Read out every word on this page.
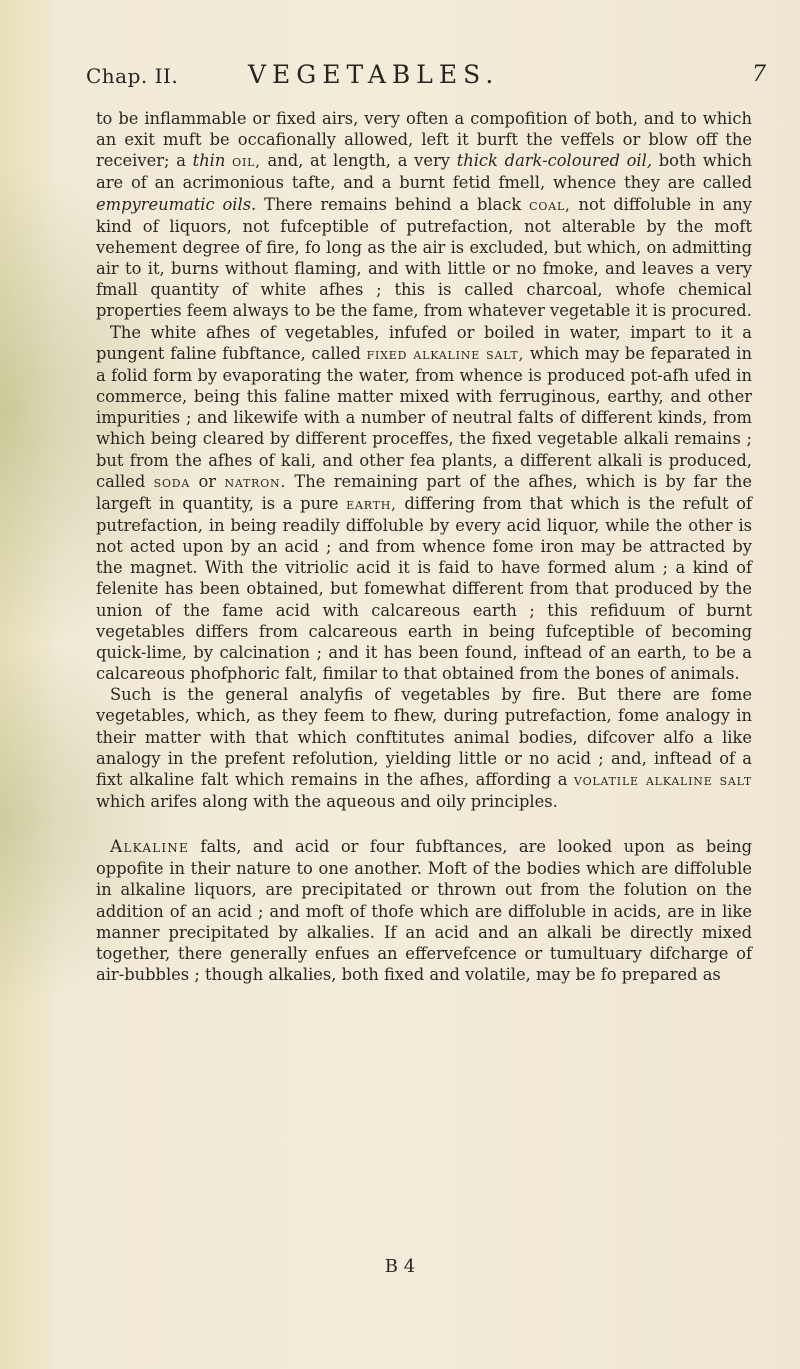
Chap. II.	VEGETABLES.	7

to be inflammable or fixed airs, very often a compofition of both, and to which an exit muft be occafionally allowed, left it burft the veffels or blow off the receiver; a thin oil, and, at length, a very thick dark-coloured oil, both which are of an acrimonious tafte, and a burnt fetid fmell, whence they are called empyreumatic oils. There remains behind a black coal, not diffoluble in any kind of liquors, not fufceptible of putrefaction, not alterable by the moft vehement degree of fire, fo long as the air is excluded, but which, on admitting air to it, burns without flaming, and with little or no fmoke, and leaves a very fmall quantity of white afhes ; this is called charcoal, whofe chemical properties feem always to be the fame, from whatever vegetable it is procured.

The white afhes of vegetables, infufed or boiled in water, impart to it a pungent faline fubftance, called fixed alkaline salt, which may be feparated in a folid form by evaporating the water, from whence is produced pot-afh ufed in commerce, being this faline matter mixed with ferruginous, earthy, and other impurities ; and likewife with a number of neutral falts of different kinds, from which being cleared by different proceffes, the fixed vegetable alkali remains ; but from the afhes of kali, and other fea plants, a different alkali is produced, called soda or natron. The remaining part of the afhes, which is by far the largeft in quantity, is a pure earth, differing from that which is the refult of putrefaction, in being readily diffoluble by every acid liquor, while the other is not acted upon by an acid ; and from whence fome iron may be attracted by the magnet. With the vitriolic acid it is faid to have formed alum ; a kind of felenite has been obtained, but fomewhat different from that produced by the union of the fame acid with calcareous earth ; this refiduum of burnt vegetables differs from calcareous earth in being fufceptible of becoming quick-lime, by calcination ; and it has been found, inftead of an earth, to be a calcareous phofphoric falt, fimilar to that obtained from the bones of animals.

Such is the general analyfis of vegetables by fire. But there are fome vegetables, which, as they feem to fhew, during putrefaction, fome analogy in their matter with that which conftitutes animal bodies, difcover alfo a like analogy in the prefent refolution, yielding little or no acid ; and, inftead of a fixt alkaline falt which remains in the afhes, affording a volatile alkaline salt which arifes along with the aqueous and oily principles.

Alkaline falts, and acid or four fubftances, are looked upon as being oppofite in their nature to one another. Moft of the bodies which are diffoluble in alkaline liquors, are precipitated or thrown out from the folution on the addition of an acid ; and moft of thofe which are diffoluble in acids, are in like manner precipitated by alkalies. If an acid and an alkali be directly mixed together, there generally enfues an effervefcence or tumultuary difcharge of air-bubbles ; though alkalies, both fixed and volatile, may be fo prepared as

B 4
